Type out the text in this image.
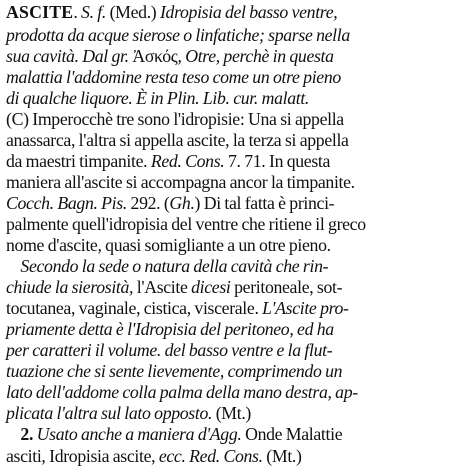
ASCITE. S. f. (Med.) Idropisia del basso ventre,
prodotta da acque sierose o linfatiche; sparse nella
sua cavità. Dal gr. Ἀσκός, Otre, perchè in questa
malattia l'addomine resta teso come un otre pieno
di qualche liquore. È in Plin. Lib. cur. malatt.
(C) Imperocchè tre sono l'idropisie: Una si appella
anassarca, l'altra si appella ascite, la terza si appella
da maestri timpanite. Red. Cons. 7. 71. In questa
maniera all'ascite si accompagna ancor la timpanite.
Cocch. Bagn. Pis. 292. (Gh.) Di tal fatta è princi-
palmente quell'idropisia del ventre che ritiene il greco
nome d'ascite, quasi somigliante a un otre pieno.
Secondo la sede o natura della cavità che rin-
chiude la sierosità, l'Ascite dicesi peritoneale, sot-
tocutanea, vaginale, cistica, viscerale. L'Ascite pro-
priamente detta è l'Idropisia del peritoneo, ed ha
per caratteri il volume. del basso ventre e la flut-
tuazione che si sente lievemente, comprimendo un
lato dell'addome colla palma della mano destra, ap-
plicata l'altra sul lato opposto. (Mt.)
2. Usato anche a maniera d'Agg. Onde Malattie
asciti, Idropisia ascite, ecc. Red. Cons. (Mt.)
